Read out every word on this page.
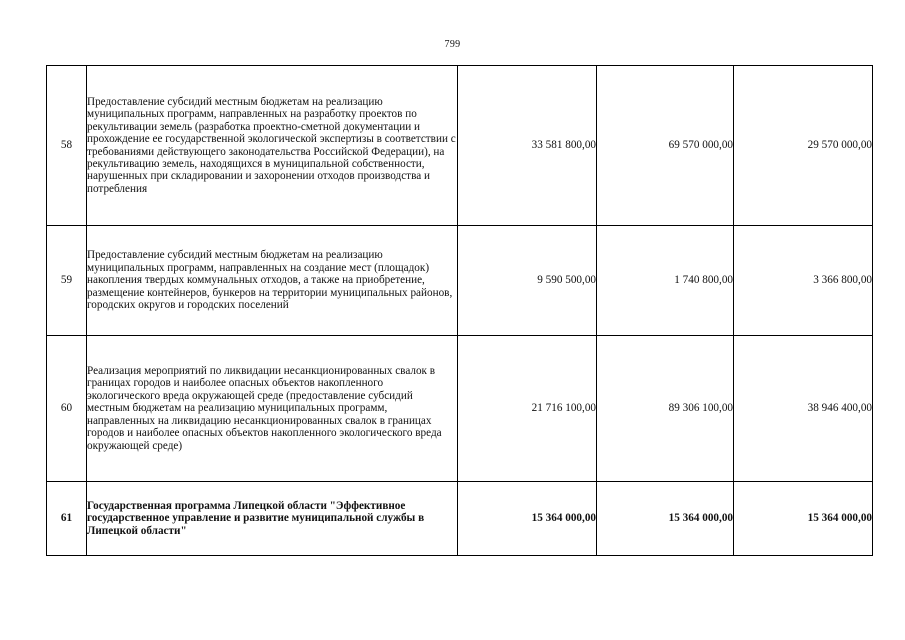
799
58	Предоставление субсидий местным бюджетам на реализацию муниципальных программ, направленных на разработку проектов по рекультивации земель (разработка проектно-сметной документации и прохождение ее государственной экологической экспертизы в соответствии с требованиями действующего законодательства Российской Федерации), на рекультивацию земель, находящихся в муниципальной собственности, нарушенных при складировании и захоронении отходов производства и потребления	33 581 800,00	69 570 000,00	29 570 000,00
59	Предоставление субсидий местным бюджетам на реализацию муниципальных программ, направленных на создание мест (площадок) накопления твердых коммунальных отходов, а также на приобретение, размещение контейнеров, бункеров на территории муниципальных районов, городских округов и городских поселений	9 590 500,00	1 740 800,00	3 366 800,00
60	Реализация мероприятий по ликвидации несанкционированных свалок в границах городов и наиболее опасных объектов накопленного экологического вреда окружающей среде (предоставление субсидий местным бюджетам на реализацию муниципальных программ, направленных на ликвидацию несанкционированных свалок в границах городов и наиболее опасных объектов накопленного экологического вреда окружающей среде)	21 716 100,00	89 306 100,00	38 946 400,00
61	Государственная программа Липецкой области "Эффективное государственное управление и развитие муниципальной службы в Липецкой области"	15 364 000,00	15 364 000,00	15 364 000,00
